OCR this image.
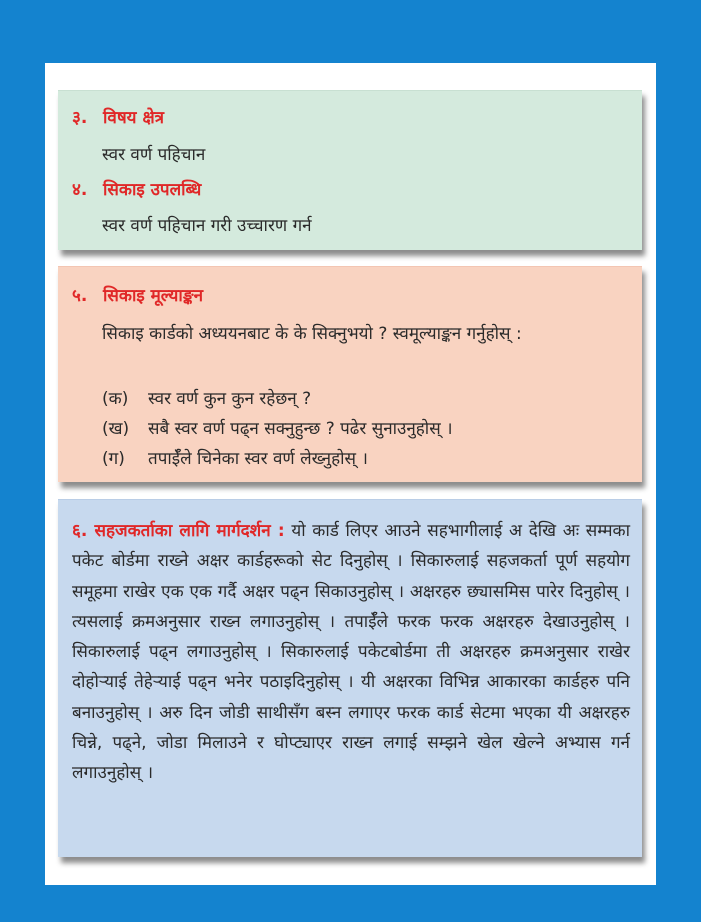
३. विषय क्षेत्र
स्वर वर्ण पहिचान
४. सिकाइ उपलब्धि
स्वर वर्ण पहिचान गरी उच्चारण गर्न
५. सिकाइ मूल्याङ्कन
सिकाइ कार्डको अध्ययनबाट के के सिक्नुभयो ? स्वमूल्याङ्कन गर्नुहोस् :
(क) स्वर वर्ण कुन कुन रहेछन् ?
(ख) सबै स्वर वर्ण पढ्न सक्नुहुन्छ ? पढेर सुनाउनुहोस् ।
(ग) तपाईँले चिनेका स्वर वर्ण लेख्नुहोस् ।
६. सहजकर्ताका लागि मार्गदर्शन : यो कार्ड लिएर आउने सहभागीलाई अ देखि अः सम्मका पकेट बोर्डमा राख्ने अक्षर कार्डहरूको सेट दिनुहोस् । सिकारुलाई सहजकर्ता पूर्ण सहयोग समूहमा राखेर एक एक गर्दै अक्षर पढ्न सिकाउनुहोस् । अक्षरहरु छ्यासमिस पारेर दिनुहोस् । त्यसलाई क्रमअनुसार राख्न लगाउनुहोस् । तपाईँले फरक फरक अक्षरहरु देखाउनुहोस् । सिकारुलाई पढ्न लगाउनुहोस् । सिकारुलाई पकेटबोर्डमा ती अक्षरहरु क्रमअनुसार राखेर दोहोऱ्याई तेहेऱ्याई पढ्न भनेर पठाइदिनुहोस् । यी अक्षरका विभिन्न आकारका कार्डहरु पनि बनाउनुहोस् । अरु दिन जोडी साथीसँग बस्न लगाएर फरक कार्ड सेटमा भएका यी अक्षरहरु चिन्ने, पढ्ने, जोडा मिलाउने र घोप्ट्याएर राख्न लगाई सम्झने खेल खेल्ने अभ्यास गर्न लगाउनुहोस् ।
